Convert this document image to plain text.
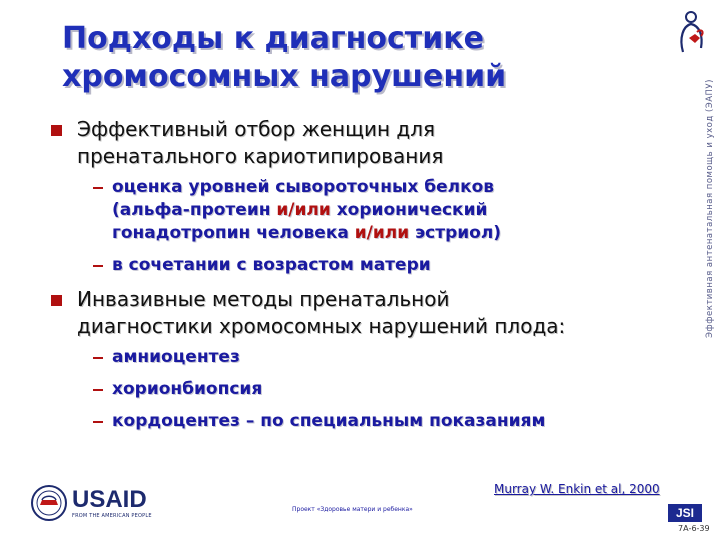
Подходы к диагностике
хромосомных нарушений
Эффективный отбор женщин для
пренатального кариотипирования
оценка уровней сывороточных белков
(альфа-протеин и/или хорионический
гонадотропин человека и/или эстриол)
в сочетании с возрастом матери
Инвазивные методы пренатальной
диагностики хромосомных нарушений плода:
амниоцентез
хорионбиопсия
кордоцентез – по специальным показаниям
Эффективная антенатальная помощь и уход (ЭАПУ)
Murray W. Enkin et al, 2000
USAID
FROM THE AMERICAN PEOPLE
Проект «Здоровье матери и ребенка»	JSI
7А-6-39
